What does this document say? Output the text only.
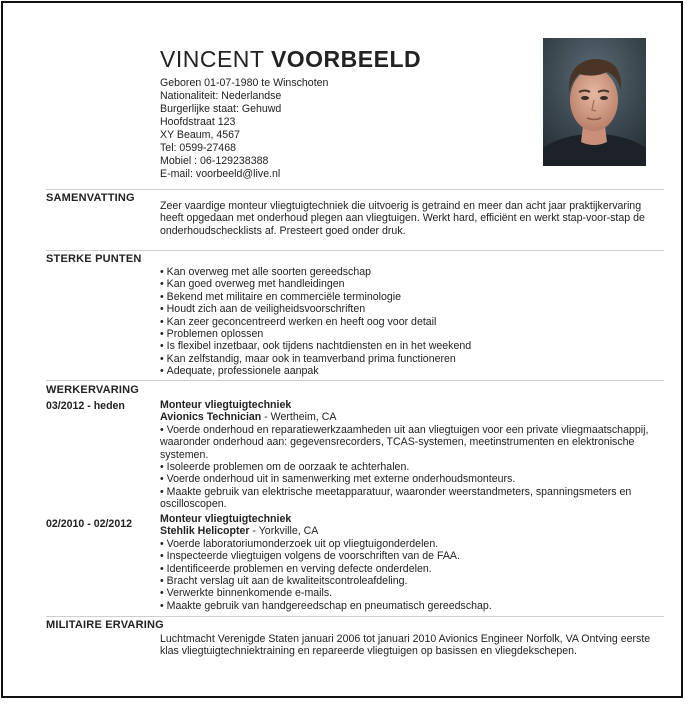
VINCENT VOORBEELD
Geboren 01-07-1980 te Winschoten
Nationaliteit: Nederlandse
Burgerlijke staat: Gehuwd
Hoofdstraat 123
XY Beaum, 4567
Tel: 0599-27468
Mobiel : 06-129238388
E-mail: voorbeeld@live.nl
SAMENVATTING

Zeer vaardige monteur vliegtuigtechniek die uitvoerig is getraind en meer dan acht jaar praktijkervaring heeft opgedaan met onderhoud plegen aan vliegtuigen. Werkt hard, efficiënt en werkt stap-voor-stap de onderhoudschecklists af. Presteert goed onder druk.

STERKE PUNTEN
• Kan overweg met alle soorten gereedschap
• Kan goed overweg met handleidingen
• Bekend met militaire en commerciële terminologie
• Houdt zich aan de veiligheidsvoorschriften
• Kan zeer geconcentreerd werken en heeft oog voor detail
• Problemen oplossen
• Is flexibel inzetbaar, ook tijdens nachtdiensten en in het weekend
• Kan zelfstandig, maar ook in teamverband prima functioneren
• Adequate, professionele aanpak
WERKERVARING
03/2012 - heden	Monteur vliegtuigtechniek
Avionics Technician - Wertheim, CA
• Voerde onderhoud en reparatiewerkzaamheden uit aan vliegtuigen voor een private vliegmaatschappij, waaronder onderhoud aan: gegevensrecorders, TCAS-systemen, meetinstrumenten en elektronische systemen.
• Isoleerde problemen om de oorzaak te achterhalen.
• Voerde onderhoud uit in samenwerking met externe onderhoudsmonteurs.
• Maakte gebruik van elektrische meetapparatuur, waaronder weerstandmeters, spanningsmeters en oscilloscopen.
02/2010 - 02/2012	Monteur vliegtuigtechniek
Stehlik Helicopter - Yorkville, CA
• Voerde laboratoriumonderzoek uit op vliegtuigonderdelen.
• Inspecteerde vliegtuigen volgens de voorschriften van de FAA.
• Identificeerde problemen en verving defecte onderdelen.
• Bracht verslag uit aan de kwaliteitscontroleafdeling.
• Verwerkte binnenkomende e-mails.
• Maakte gebruik van handgereedschap en pneumatisch gereedschap.
MILITAIRE ERVARING

Luchtmacht Verenigde Staten januari 2006 tot januari 2010 Avionics Engineer Norfolk, VA Ontving eerste klas vliegtuigtechniektraining en repareerde vliegtuigen op basissen en vliegdekschepen.
